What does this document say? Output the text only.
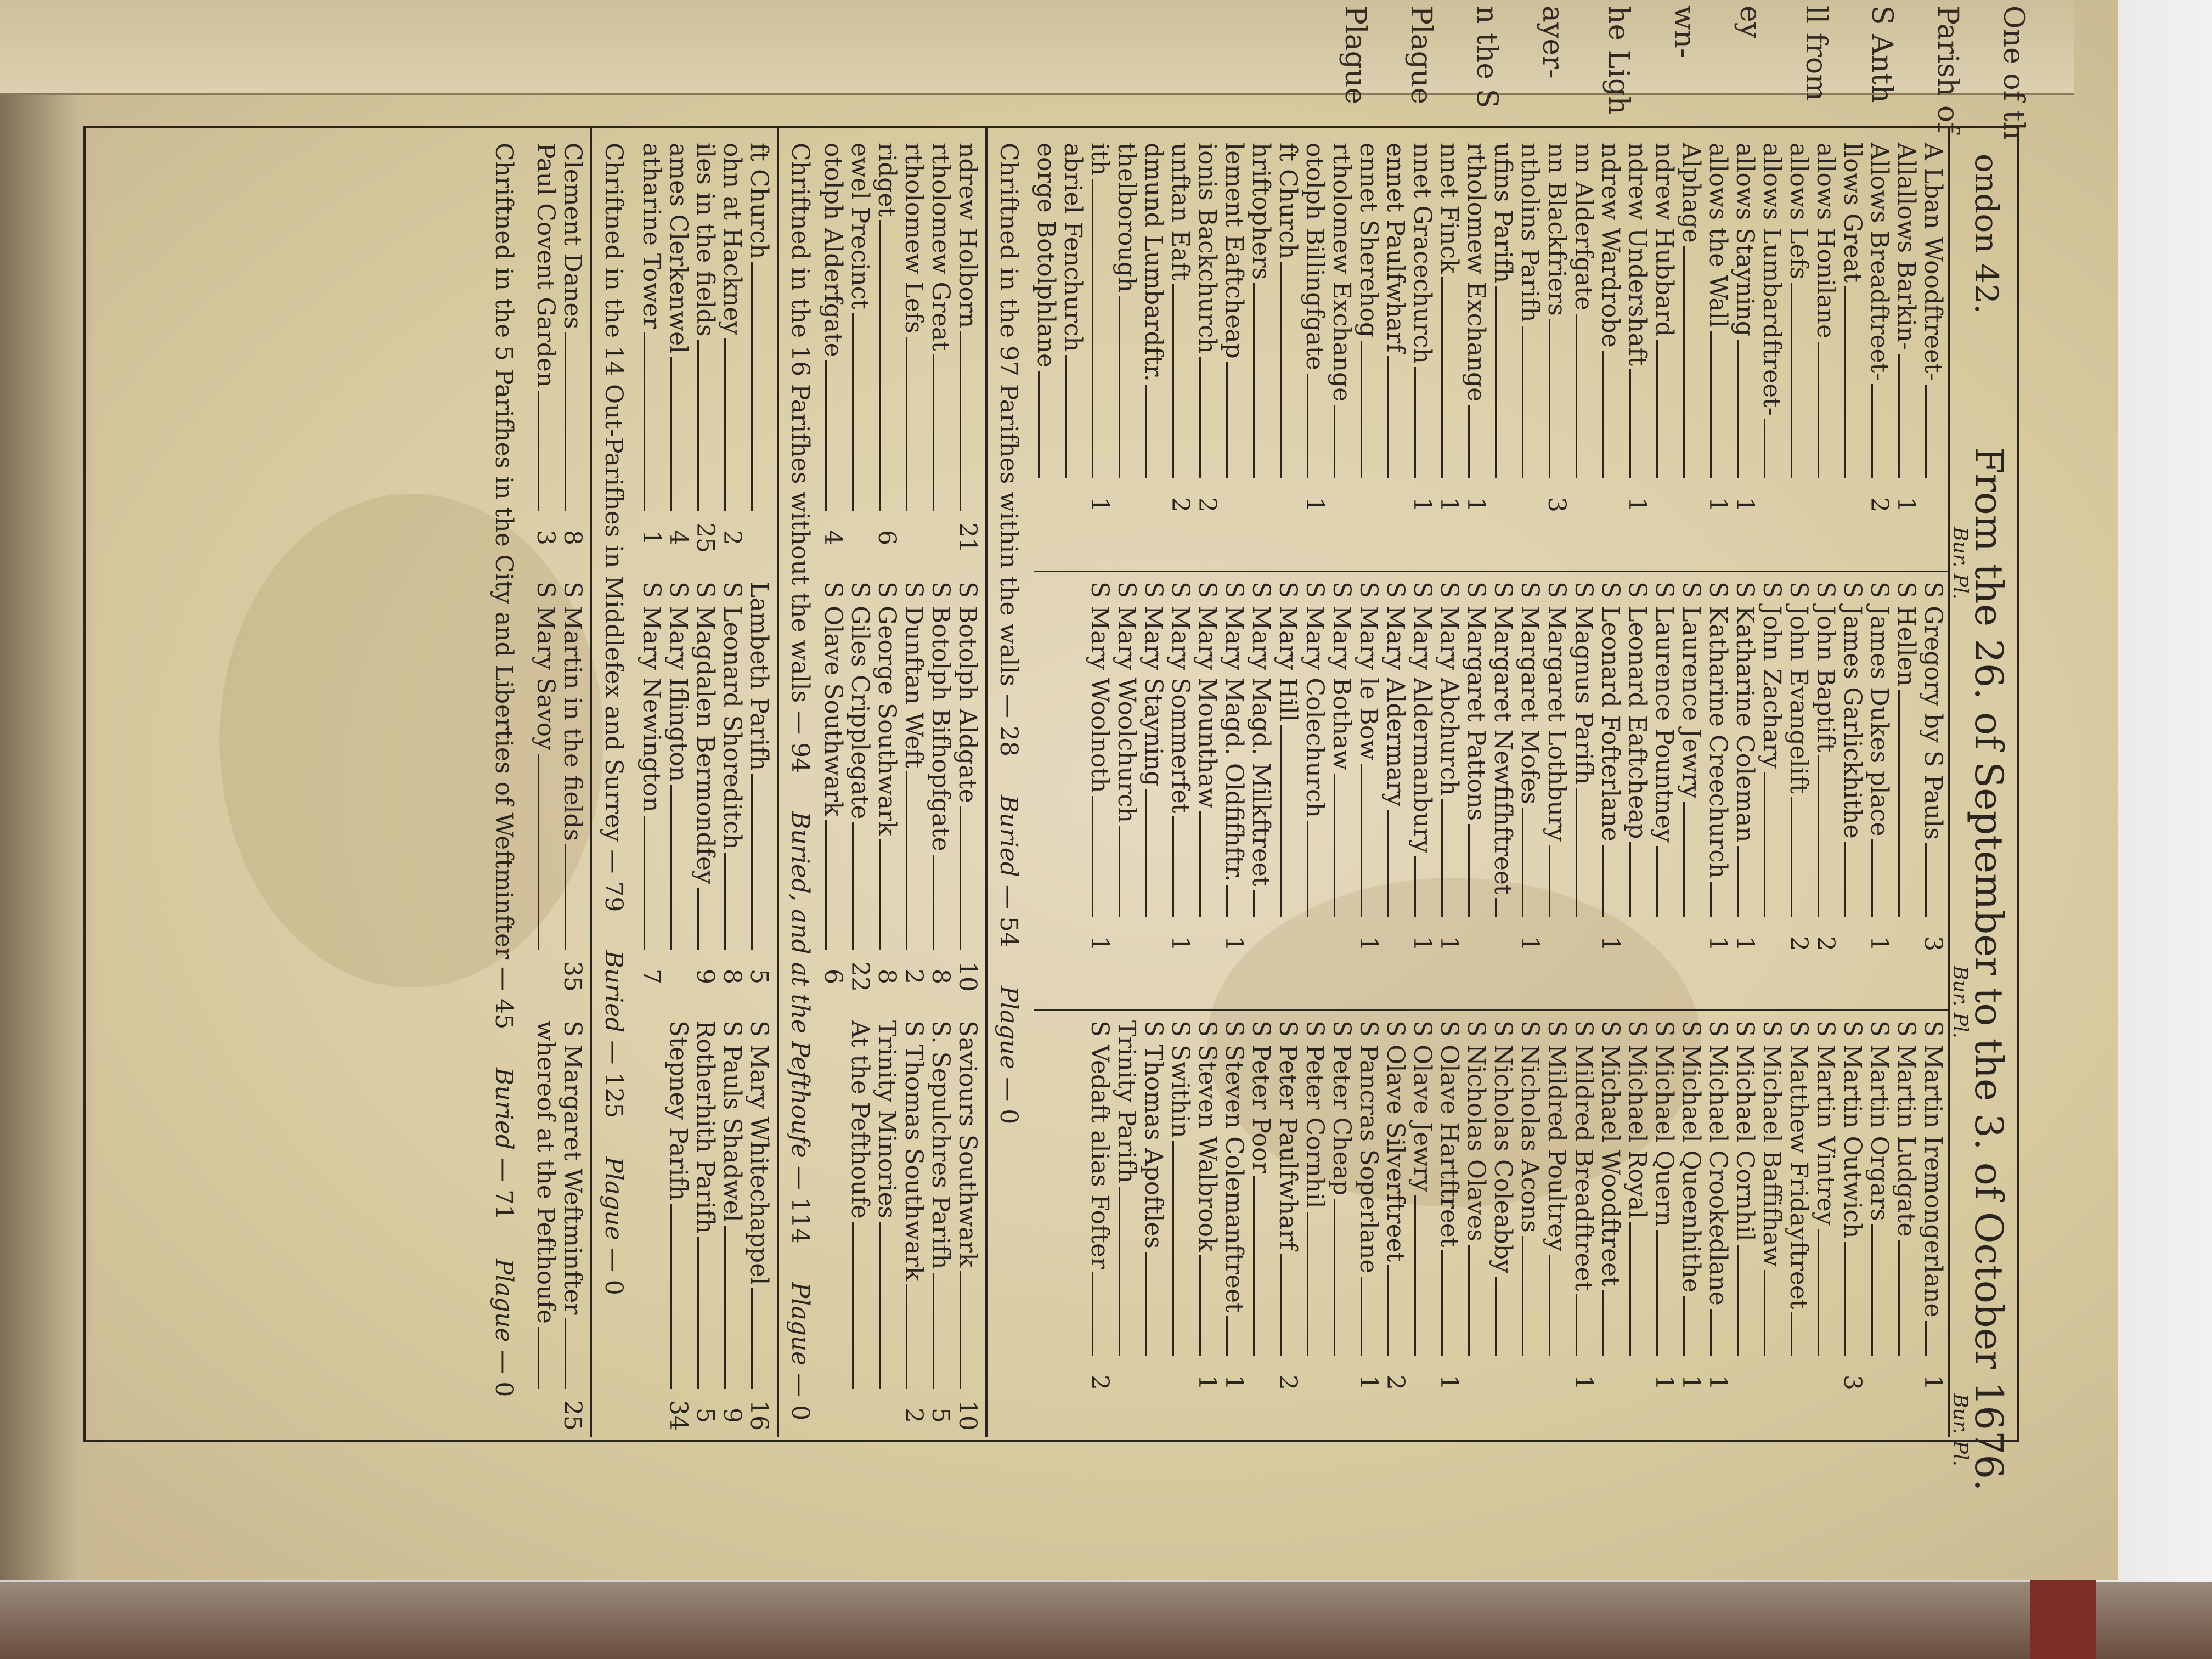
ondon 42. From the 26. of September to the 3. of October 1676.
Bur. Pl.
Bur. Pl.
Bur. Pl.
A Lban Woodftreet-
Allallows Barkin-
1
Allows Breadftreet-
2
llows Great
allows Honilane
allows Lefs
allows Lumbardftreet-
allows Stayning
1
allows the Wall
1
Alphage
ndrew Hubbard
ndrew Undershaft
1
ndrew Wardrobe
nn Alderfgate
nn Blackfriers
3
ntholins Parifh
ufins Parifh
rtholomew Exchange
1
nnet Finck
1
nnet Gracechurch
1
ennet Paulfwharf
ennet Sherehog
rtholomew Exchange
otolph Billingfgate
1
ft Church
hriftophers
lement Eaftcheap
ionis Backchurch
2
unftan Eaft
2
dmund Lumbardftr.
thelborough
ith
1
abriel Fenchurch
eorge Botolphlane
S Gregory by S Pauls
3
S Hellen
S James Dukes place
1
S James Garlickhithe
S John Baptift
2
S John Evangelift
2
S John Zachary
S Katharine Coleman
1
S Katharine Creechurch
1
S Laurence Jewry
S Laurence Pountney
S Leonard Eaftcheap
S Leonard Fofterlane
1
S Magnus Parifh
S Margaret Lothbury
S Margaret Mofes
1
S Margaret Newfifhftreet
S Margaret Pattons
S Mary Abchurch
1
S Mary Aldermanbury
1
S Mary Aldermary
S Mary le Bow
1
S Mary Bothaw
S Mary Colechurch
S Mary Hill
S Mary Magd. Milkftreet
S Mary Magd. Oldfifhftr.
1
S Mary Mounthaw
S Mary Sommerfet
1
S Mary Stayning
S Mary Woolchurch
S Mary Woolnoth
1
S Martin Iremongerlane
1
S Martin Ludgate
S Martin Orgars
S Martin Outwich
3
S Martin Vintrey
S Matthew Fridayftreet
S Michael Baffifhaw
S Michael Cornhil
S Michael Crookedlane
1
S Michael Queenhithe
1
S Michael Quern
1
S Michael Royal
S Michael Woodftreet
S Mildred Breadftreet
1
S Mildred Poultrey
S Nicholas Acons
S Nicholas Coleabby
S Nicholas Olaves
S Olave Hartftreet
1
S Olave Jewry
S Olave Silverftreet
2
S Pancras Soperlane
1
S Peter Cheap
S Peter Cornhil
S Peter Paulfwharf
2
S Peter Poor
S Steven Colemanftreet
1
S Steven Walbrook
1
S Swithin
S Thomas Apoftles
Trinity Parifh
S Vedaft alias Fofter
2
Chriftned in the 97 Parifhes within the walls — 28     Buried — 54     Plague — 0
ndrew Holborn
21
rtholomew Great
rtholomew Lefs
ridget
6
ewel Precinct
otolph Alderfgate
4
S Botolph Aldgate
10
S Botolph Bifhopfgate
8
S Dunftan Weft
2
S George Southwark
8
S Giles Cripplegate
22
S Olave Southwark
6
Saviours Southwark
10
S. Sepulchres Parifh
5
S Thomas Southwark
2
Trinity Minories
At the Pefthoufe
Chriftned in the 16 Parifhes without the walls — 94     Buried, and at the Pefthoufe — 114     Plague — 0
ft Church
ohn at Hackney
2
iles in the fields
25
ames Clerkenwel
4
atharine Tower
1
Lambeth Parifh
5
S Leonard Shoreditch
8
S Magdalen Bermondfey
9
S Mary Iflington
S Mary Newington
7
S Mary Whitechappel
16
S Pauls Shadwel
9
Rotherhith Parifh
5
Stepney Parifh
34
Chriftned in the 14 Out-Parifhes in Middlefex and Surrey — 79     Buried — 125     Plague — 0
Clement Danes
8
Paul Covent Garden
3
S Martin in the fields
35
S Mary Savoy
S Margaret Weftminfter
25
whereof at the Pefthoufe
Chriftned in the 5 Parifhes in the City and Liberties of Weftminfter — 45     Buried — 71     Plague — 0
One of th
Parish of
S Anth
ll from
ey
wn-
he Ligh
ayer-
n the S
Plague
Plague
